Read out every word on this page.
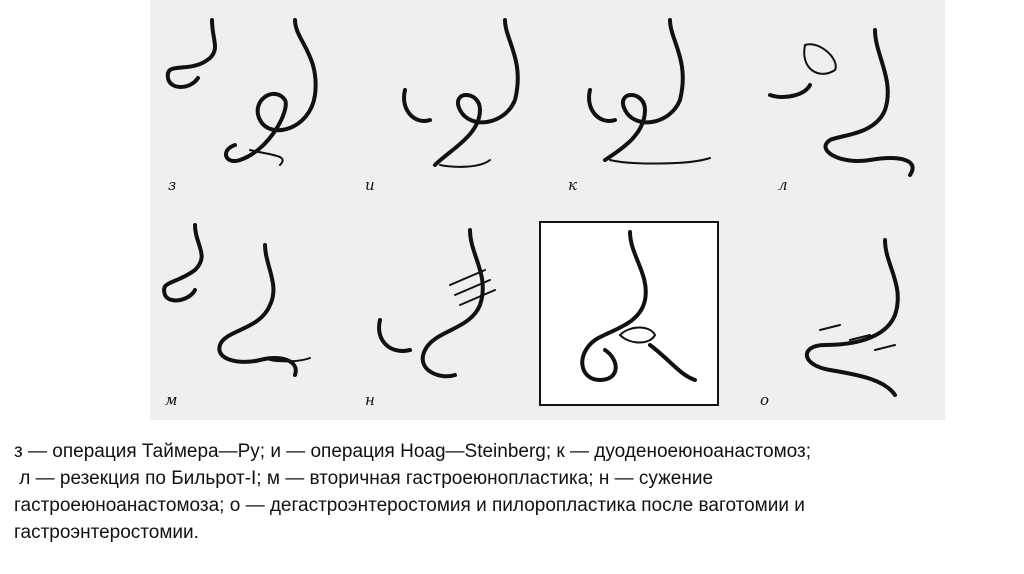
з	и	к	л
м	н	о

з — операция Таймера—Ру; и — операция Hoag—Steinberg; к — дуоденоеюноанастомоз;
л — резекция по Бильрот-I; м — вторичная гастроеюнопластика; н — сужение
гастроеюноанастомоза; о — дегастроэнтеростомия и пилоропластика после ваготомии и
гастроэнтеростомии.
